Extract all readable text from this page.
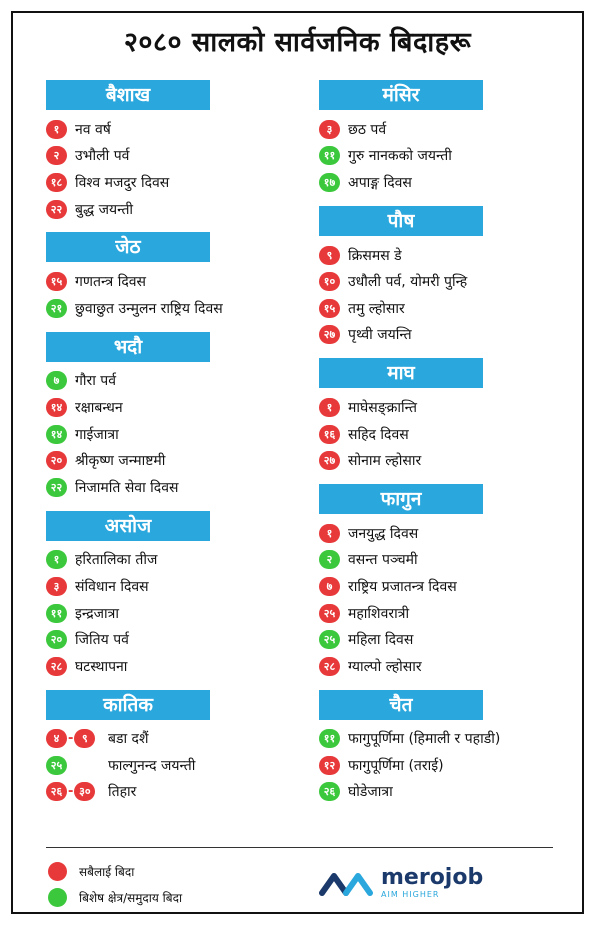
२०८० सालको सार्वजनिक बिदाहरू
बैशाख
१	नव वर्ष
२	उभौली पर्व
१८ विश्व मजदुर दिवस
२२ बुद्ध जयन्ती
जेठ
१५ गणतन्त्र दिवस
२१ छुवाछुत उन्मुलन राष्ट्रिय दिवस
भदौ
७	गौरा पर्व
१४ रक्षाबन्धन
१४ गाईजात्रा
२० श्रीकृष्ण जन्माष्टमी
२२ निजामति सेवा दिवस
असोज
१	हरितालिका तीज
३	संविधान दिवस
११ इन्द्रजात्रा
२० जितिय पर्व
२८ घटस्थापना
कातिक
४ - ९	बडा दशैं
२५	फाल्गुनन्द जयन्ती
२६ - ३०	तिहार
मंसिर
३	छठ पर्व
११ गुरु नानकको जयन्ती
१७ अपाङ्ग दिवस
पौष
९	क्रिसमस डे
१० उधौली पर्व, योमरी पुन्हि
१५ तमु ल्होसार
२७ पृथ्वी जयन्ति
माघ
१	माघेसङ्क्रान्ति
१६ सहिद दिवस
२७ सोनाम ल्होसार
फागुन
१	जनयुद्ध दिवस
२	वसन्त पञ्चमी
७	राष्ट्रिय प्रजातन्त्र दिवस
२५ महाशिवरात्री
२५ महिला दिवस
२८ ग्याल्पो ल्होसार
चैत
११ फागुपूर्णिमा (हिमाली र पहाडी)
१२ फागुपूर्णिमा (तराई)
२६ घोडेजात्रा
सबैलाई बिदा
बिशेष क्षेत्र/समुदाय बिदा
merojob
AIM HIGHER
